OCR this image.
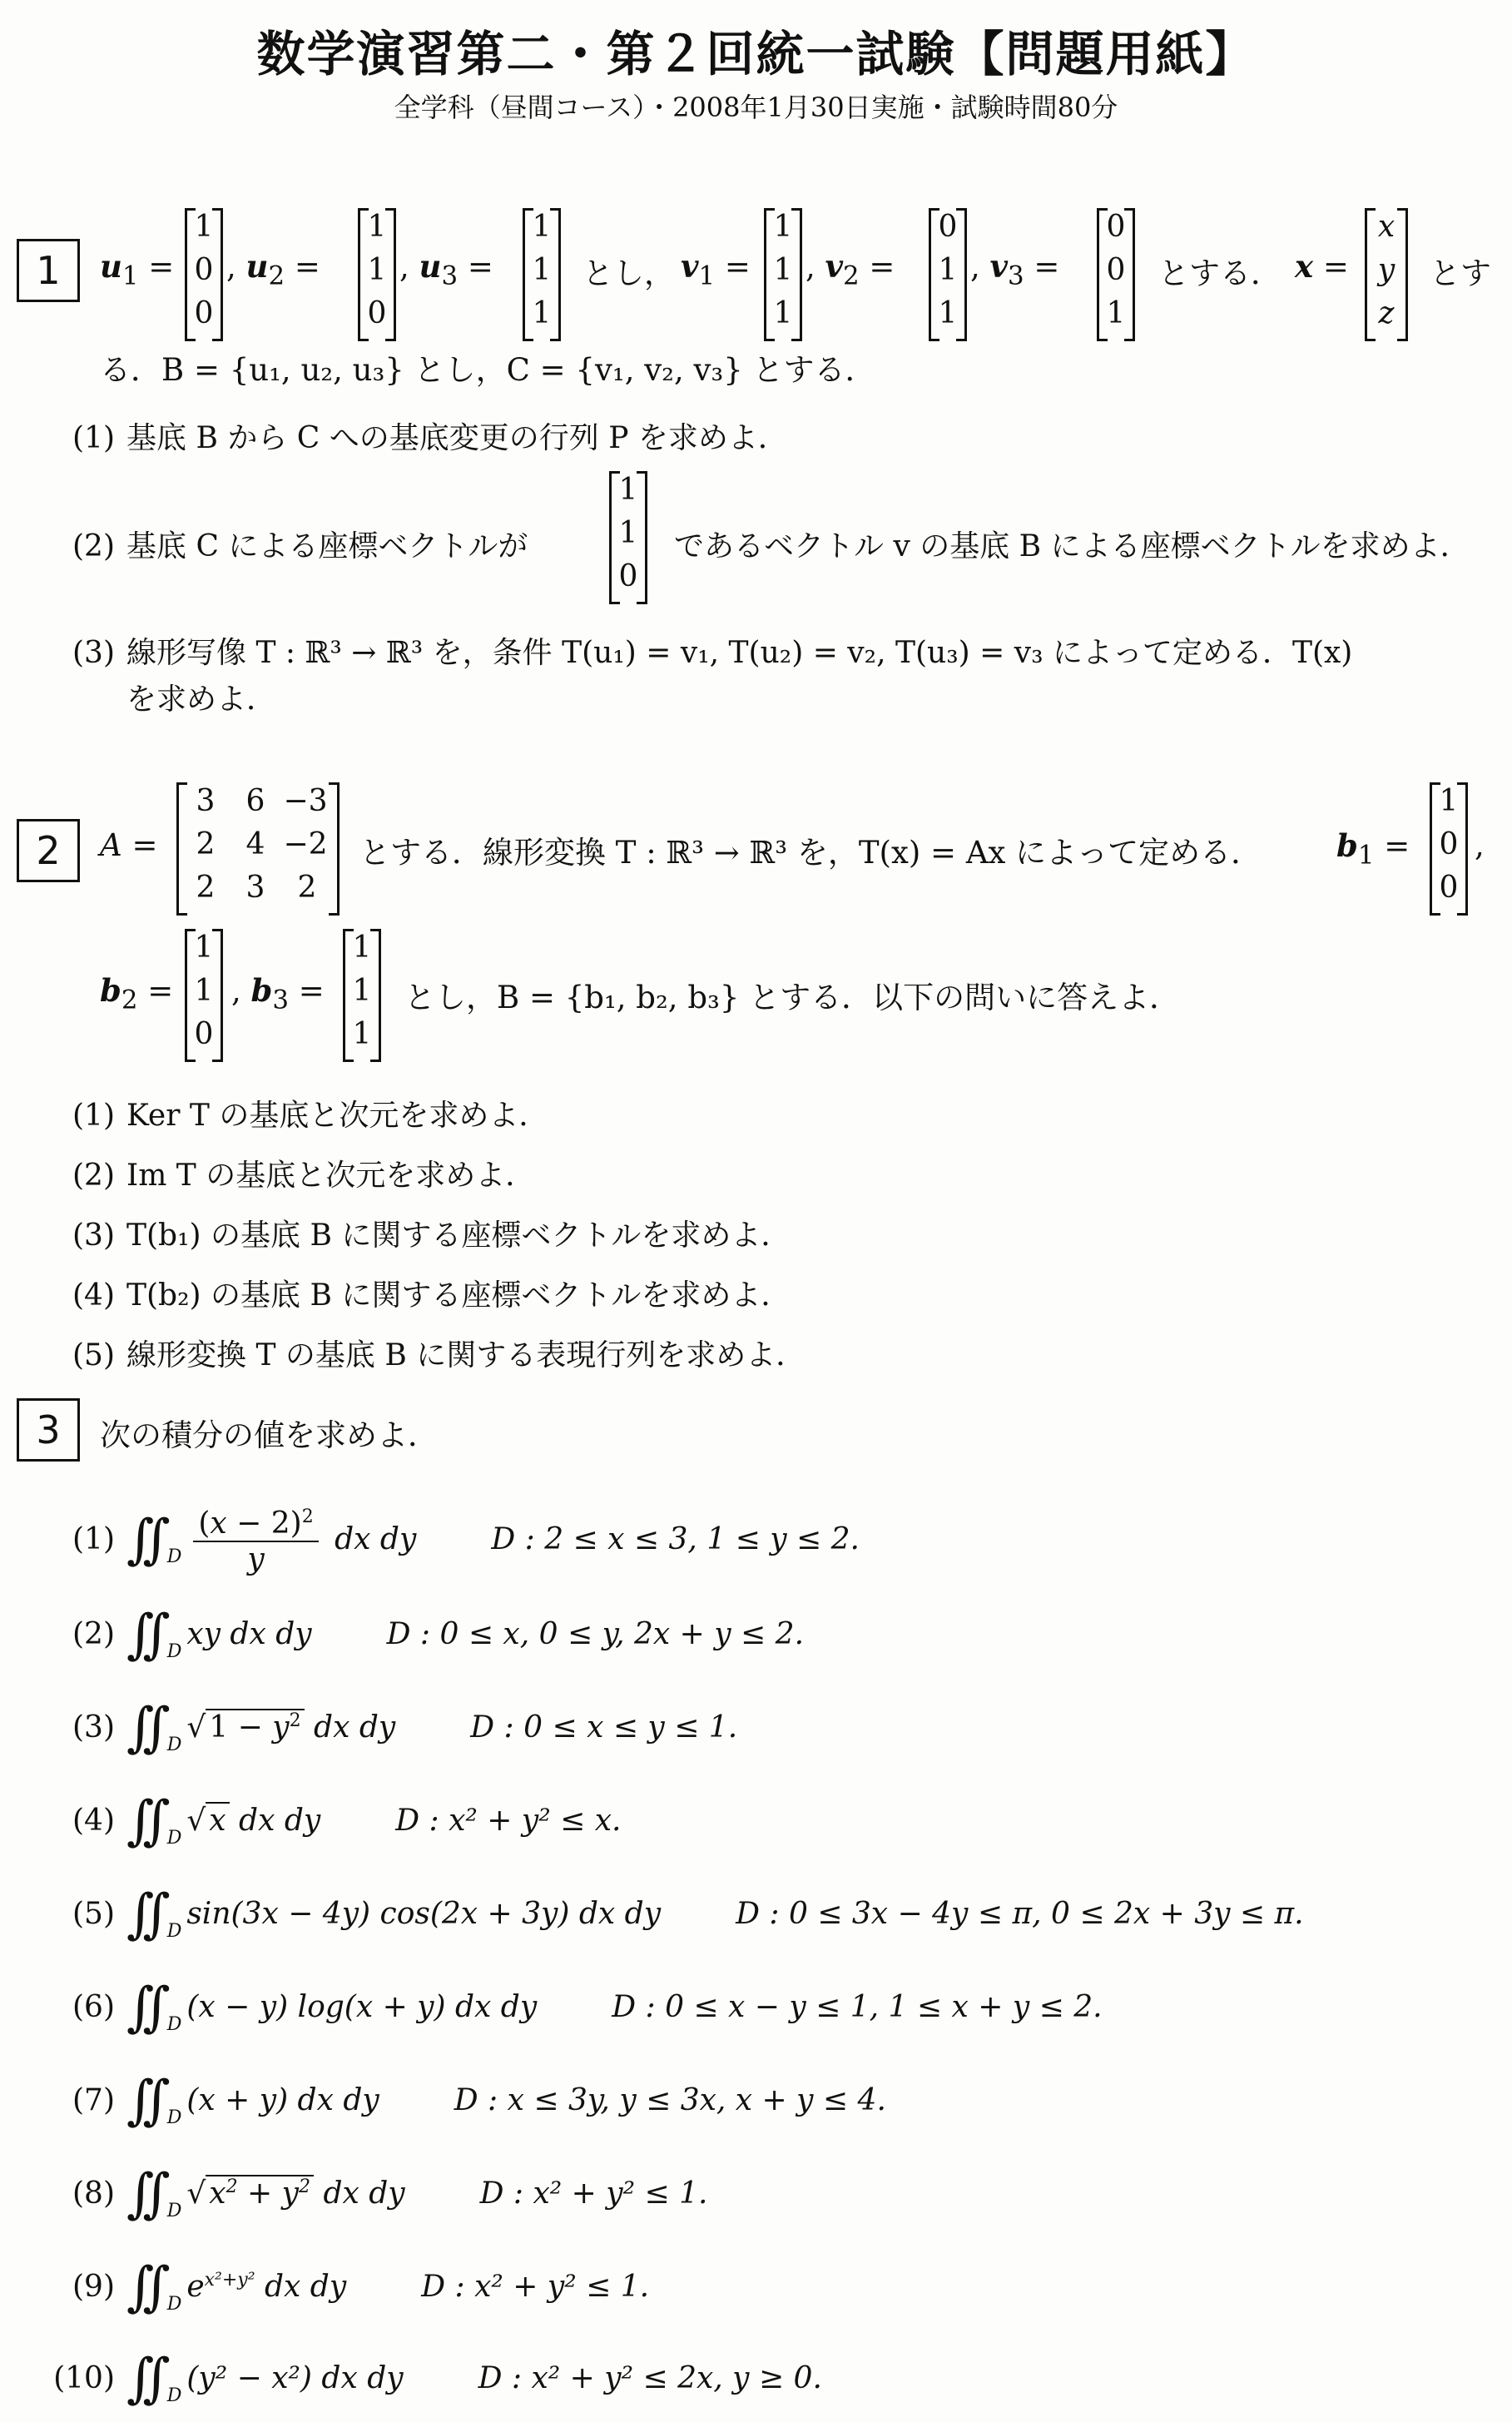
数学演習第二・第２回統一試験【問題用紙】
全学科（昼間コース）・2008年1月30日実施・試験時間80分
1	$u_1$ =
1
0
0
, $u_2$ =
1
1
0
, $u_3$ =
1
1
1
とし， $v_1$ =
1
1
1
, $v_2$ =
0
1
1
, $v_3$ =
0
0
1
とする． x =
x
y
z
とす
る．B = {u₁, u₂, u₃} とし，C = {v₁, v₂, v₃} とする．
(1) 基底 B から C への基底変更の行列 P を求めよ．
(2) 基底 C による座標ベクトルが
1
1
0
であるベクトル v の基底 B による座標ベクトルを求めよ．
(3) 線形写像 T : ℝ³ → ℝ³ を，条件 T(u₁) = v₁, T(u₂) = v₂, T(u₃) = v₃ によって定める．T(x)
を求めよ．
2	A =
3	6 −3
2	4 −2
2	3	2
とする．線形変換 T : ℝ³ → ℝ³ を，T(x) = Ax によって定める． $b_1$ =
1
0
0
,
$b_2$ =
1
1
0
, $b_3$ =
1
1
1
とし，B = {b₁, b₂, b₃} とする．以下の問いに答えよ．
(1) Ker T の基底と次元を求めよ．
(2) Im T の基底と次元を求めよ．
(3) T(b₁) の基底 B に関する座標ベクトルを求めよ．
(4) T(b₂) の基底 B に関する座標ベクトルを求めよ．
(5) 線形変換 T の基底 B に関する表現行列を求めよ．
3	次の積分の値を求めよ．
(1) ∫∫ $_D \frac{(x - 2)^2}{y}$ dx dy	D : 2 ≤ x ≤ 3, 1 ≤ y ≤ 2.
(2) ∫∫ $_D$xy dx dy	D : 0 ≤ x, 0 ≤ y, 2x + y ≤ 2.
(3) ∫∫ $_D$√ $1 - y^2$ dx dy	D : 0 ≤ x ≤ y ≤ 1.
(4) ∫∫ $_D$√ x dx dy	D : x² + y² ≤ x.
(5) ∫∫ $_D$sin(3x − 4y) cos(2x + 3y) dx dy	D : 0 ≤ 3x − 4y ≤ π, 0 ≤ 2x + 3y ≤ π.
(6) ∫∫ $_D$(x − y) log(x + y) dx dy	D : 0 ≤ x − y ≤ 1, 1 ≤ x + y ≤ 2.
(7) ∫∫ $_D$(x + y) dx dy	D : x ≤ 3y, y ≤ 3x, x + y ≤ 4.
(8) ∫∫ $_D$√ $x^2 + y^2$ dx dy	D : x² + y² ≤ 1.
(9) ∫∫ $_De^{x^2+y^2}$ dx dy	D : x² + y² ≤ 1.
(10) ∫∫ $_D$(y² − x²) dx dy	D : x² + y² ≤ 2x, y ≥ 0.
